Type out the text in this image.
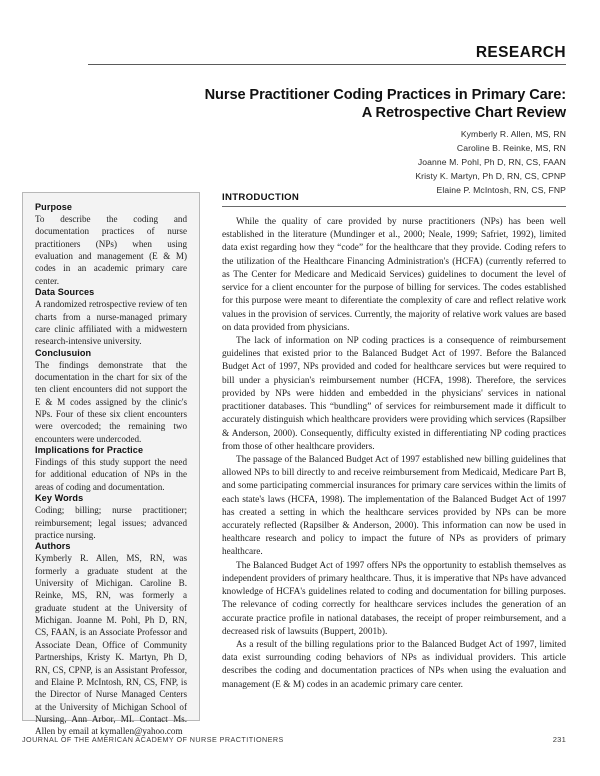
RESEARCH
Nurse Practitioner Coding Practices in Primary Care:
A Retrospective Chart Review
Kymberly R. Allen, MS, RN
Caroline B. Reinke, MS, RN
Joanne M. Pohl, Ph D, RN, CS, FAAN
Kristy K. Martyn, Ph D, RN, CS, CPNP
Elaine P. McIntosh, RN, CS, FNP
Purpose

To describe the coding and documentation practices of nurse practitioners (NPs) when using evaluation and management (E & M) codes in an academic primary care center.

Data Sources

A randomized retrospective review of ten charts from a nurse-managed primary care clinic affiliated with a midwestern research-intensive university.

Conclusuion

The findings demonstrate that the documentation in the chart for six of the ten client encounters did not support the E & M codes assigned by the clinic's NPs. Four of these six client encounters were overcoded; the remaining two encounters were undercoded.

Implications for Practice

Findings of this study support the need for additional education of NPs in the areas of coding and documentation.

Key Words

Coding; billing; nurse practitioner; reimbursement; legal issues; advanced practice nursing.

Authors

Kymberly R. Allen, MS, RN, was formerly a graduate student at the University of Michigan. Caroline B. Reinke, MS, RN, was formerly a graduate student at the University of Michigan. Joanne M. Pohl, Ph D, RN, CS, FAAN, is an Associate Professor and Associate Dean, Office of Community Partnerships, Kristy K. Martyn, Ph D, RN, CS, CPNP, is an Assistant Professor, and Elaine P. McIntosh, RN, CS, FNP, is the Director of Nurse Managed Centers at the University of Michigan School of Nursing, Ann Arbor, MI. Contact Ms. Allen by email at kymallen@yahoo.com

INTRODUCTION

While the quality of care provided by nurse practitioners (NPs) has been well established in the literature (Mundinger et al., 2000; Neale, 1999; Safriet, 1992), limited data exist regarding how they “code” for the healthcare that they provide. Coding refers to the utilization of the Healthcare Financing Administration's (HCFA) (currently referred to as The Center for Medicare and Medicaid Services) guidelines to document the level of service for a client encounter for the purpose of billing for services. The codes established for this purpose were meant to diferentiate the complexity of care and reflect relative work values in the provision of services. Currently, the majority of relative work values are based on data provided from physicians.

The lack of information on NP coding practices is a consequence of reimbursement guidelines that existed prior to the Balanced Budget Act of 1997. Before the Balanced Budget Act of 1997, NPs provided and coded for healthcare services but were required to bill under a physician's reimbursement number (HCFA, 1998). Therefore, the services provided by NPs were hidden and embedded in the physicians' services in national practitioner databases. This “bundling” of services for reimbursement made it difficult to accurately distinguish which healthcare providers were providing which services (Rapsilber & Anderson, 2000). Consequently, difficulty existed in differentiating NP coding practices from those of other healthcare providers.

The passage of the Balanced Budget Act of 1997 established new billing guidelines that allowed NPs to bill directly to and receive reimbursement from Medicaid, Medicare Part B, and some participating commercial insurances for primary care services within the limits of each state's laws (HCFA, 1998). The implementation of the Balanced Budget Act of 1997 has created a setting in which the healthcare services provided by NPs can be more accurately reflected (Rapsilber & Anderson, 2000). This information can now be used in healthcare research and policy to impact the future of NPs as providers of primary healthcare.

The Balanced Budget Act of 1997 offers NPs the opportunity to establish themselves as independent providers of primary healthcare. Thus, it is imperative that NPs have advanced knowledge of HCFA's guidelines related to coding and documentation for billing purposes. The relevance of coding correctly for healthcare services includes the generation of an accurate practice profile in national databases, the receipt of proper reimbursement, and a decreased risk of lawsuits (Buppert, 2001b).

As a result of the billing regulations prior to the Balanced Budget Act of 1997, limited data exist surrounding coding behaviors of NPs as individual providers. This article describes the coding and documentation practices of NPs when using the evaluation and management (E & M) codes in an academic primary care center.

JOURNAL OF THE AMERICAN ACADEMY OF NURSE PRACTITIONERS	231
